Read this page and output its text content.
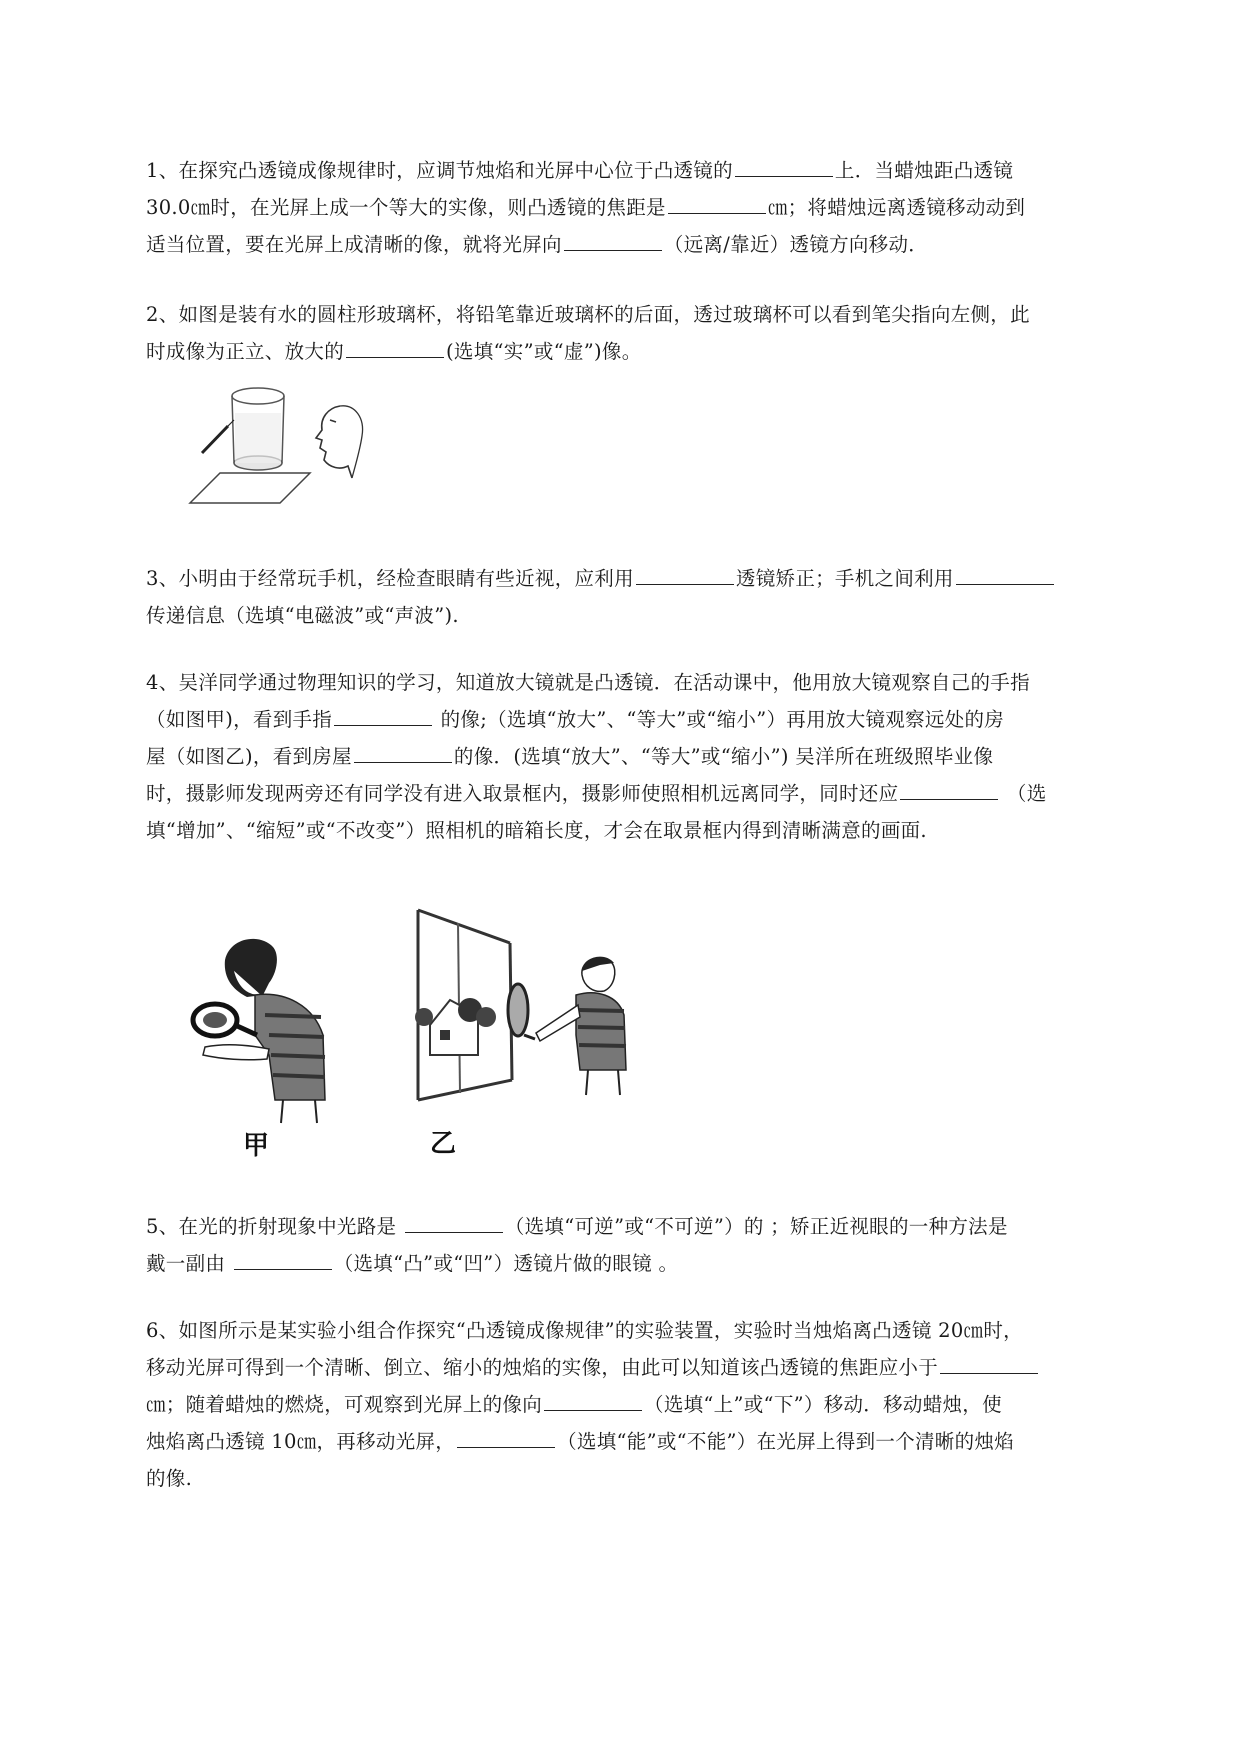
1、在探究凸透镜成像规律时，应调节烛焰和光屏中心位于凸透镜的	上．当蜡烛距凸透镜
30.0㎝时，在光屏上成一个等大的实像，则凸透镜的焦距是	㎝；将蜡烛远离透镜移动动到
适当位置，要在光屏上成清晰的像，就将光屏向	（远离/靠近）透镜方向移动．
2、如图是装有水的圆柱形玻璃杯，将铅笔靠近玻璃杯的后面，透过玻璃杯可以看到笔尖指向左侧，此
时成像为正立、放大的	(选填“实”或“虚”)像。
3、小明由于经常玩手机，经检查眼睛有些近视，应利用	透镜矫正；手机之间利用
传递信息（选填“电磁波”或“声波”).
4、吴洋同学通过物理知识的学习，知道放大镜就是凸透镜．在活动课中，他用放大镜观察自己的手指
（如图甲)，看到手指	的像;（选填“放大”、“等大”或“缩小”）再用放大镜观察远处的房
屋（如图乙)，看到房屋	的像．(选填“放大”、“等大”或“缩小”) 吴洋所在班级照毕业像
时，摄影师发现两旁还有同学没有进入取景框内，摄影师使照相机远离同学，同时还应	（选
填“增加”、“缩短”或“不改变”）照相机的暗箱长度，才会在取景框内得到清晰满意的画面.
甲	乙
5、在光的折射现象中光路是	（选填“可逆”或“不可逆”）的 ；矫正近视眼的一种方法是
戴一副由	（选填“凸”或“凹”）透镜片做的眼镜 。
6、如图所示是某实验小组合作探究“凸透镜成像规律”的实验装置，实验时当烛焰离凸透镜 20㎝时，
移动光屏可得到一个清晰、倒立、缩小的烛焰的实像，由此可以知道该凸透镜的焦距应小于
㎝；随着蜡烛的燃烧，可观察到光屏上的像向	（选填“上”或“下”）移动．移动蜡烛，使
烛焰离凸透镜 10㎝，再移动光屏，	（选填“能”或“不能”）在光屏上得到一个清晰的烛焰
的像.
